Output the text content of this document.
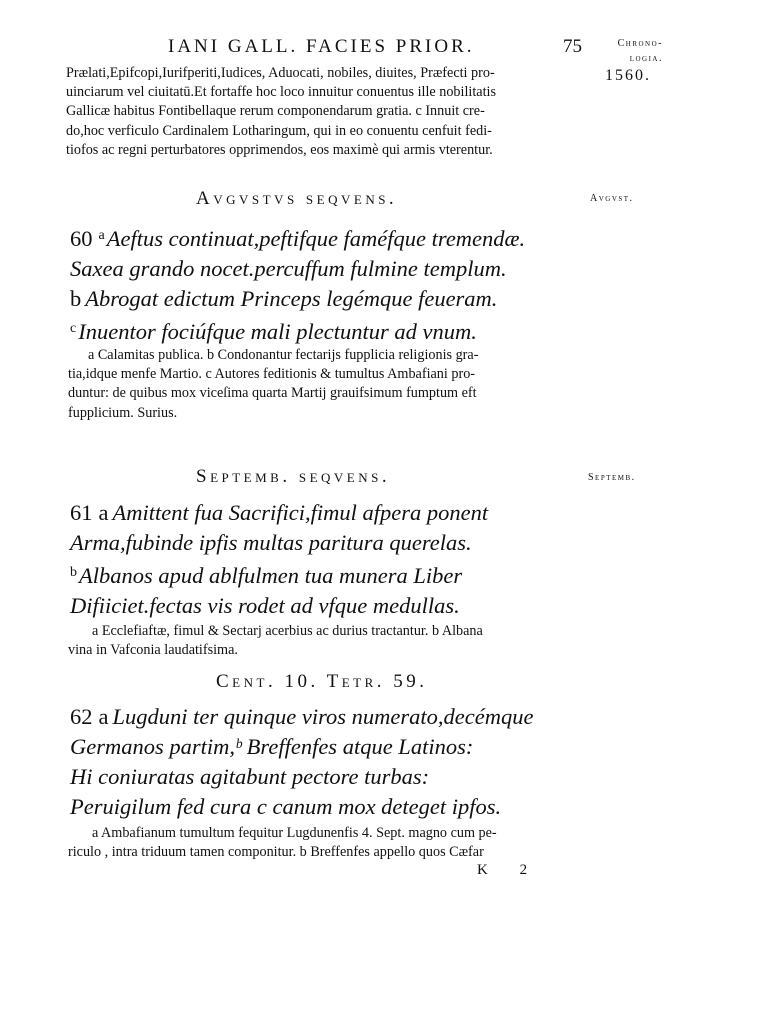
IANI GALL. FACIES PRIOR.	75	Chrono-
logia.
1560.
Prælati,Epifcopi,Iurifperiti,Iudices, Aduocati, nobiles, diuites, Præfecti pro-
uinciarum vel ciuitatū.Et fortaffe hoc loco innuitur conuentus ille nobilitatis
Gallicæ habitus Fontibellaque rerum componendarum gratia. c Innuit cre-
do,hoc verficulo Cardinalem Lotharingum, qui in eo conuentu cenfuit fedi-
tiofos ac regni perturbatores opprimendos, eos maximè qui armis vterentur.
Avgvstvs seqvens.	Avgvst.
60 $^a$Aeftus continuat,peftifque faméfque tremendæ.
Saxea grando nocet.percuffum fulmine templum.
b Abrogat edictum Princeps legémque feueram.
$^c$Inuentor fociúfque mali plectuntur ad vnum.
a Calamitas publica. b Condonantur fectarijs fupplicia religionis gra-
tia,idque menfe Martio. c Autores feditionis & tumultus Ambafiani pro-
duntur: de quibus mox viceſima quarta Martij grauifsimum fumptum eft
fupplicium. Surius.
Septemb. seqvens.	Septemb.
61 a Amittent fua Sacrifici,fimul afpera ponent
Arma,fubinde ipfis multas paritura querelas.
$^b$Albanos apud ablfulmen tua munera Liber
Difiiciet.fectas vis rodet ad vfque medullas.
a Ecclefiaftæ, fimul & Sectarj acerbius ac durius tractantur. b Albana
vina in Vafconia laudatifsima.
Cent. 10. Tetr. 59.
62 a Lugduni ter quinque viros numerato,decémque
Germanos partim,ᵇ Breffenfes atque Latinos:
Hi coniuratas agitabunt pectore turbas:
Peruigilum fed cura c canum mox deteget ipfos.
a Ambafianum tumultum fequitur Lugdunenfis 4. Sept. magno cum pe-
riculo , intra triduum tamen componitur. b Breffenfes appello quos Cæfar
K 2
